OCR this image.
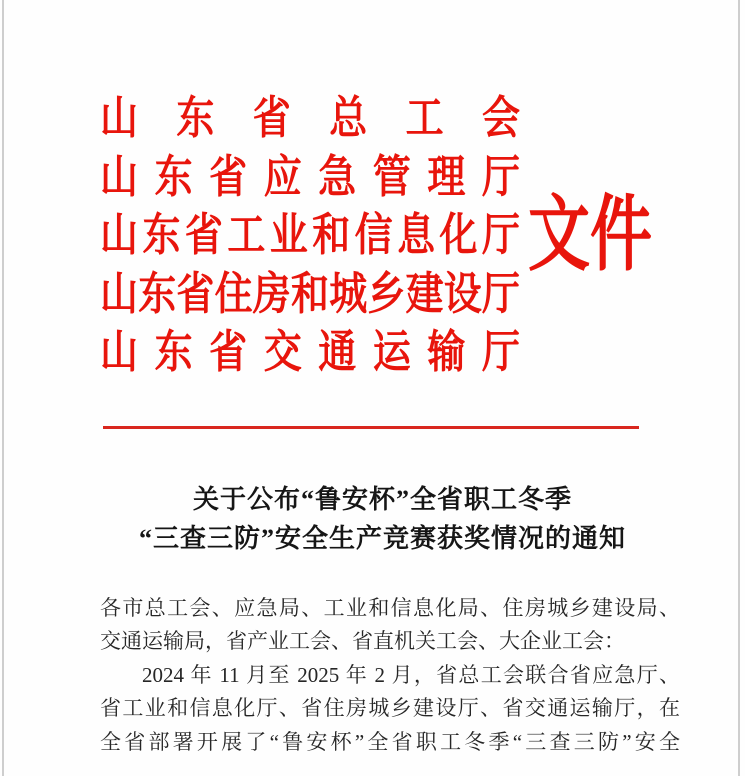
山东省总工会
山东省应急管理厅
山东省工业和信息化厅
山东省住房和城乡建设厅
山东省交通运输厅
文件
关于公布“鲁安杯”全省职工冬季
“三查三防”安全生产竞赛获奖情况的通知
各市总工会、应急局、工业和信息化局、住房城乡建设局、
交通运输局，省产业工会、省直机关工会、大企业工会：
2024 年 11 月至 2025 年 2 月，省总工会联合省应急厅、
省工业和信息化厅、省住房城乡建设厅、省交通运输厅，在
全省部署开展了“鲁安杯”全省职工冬季“三查三防”安全
